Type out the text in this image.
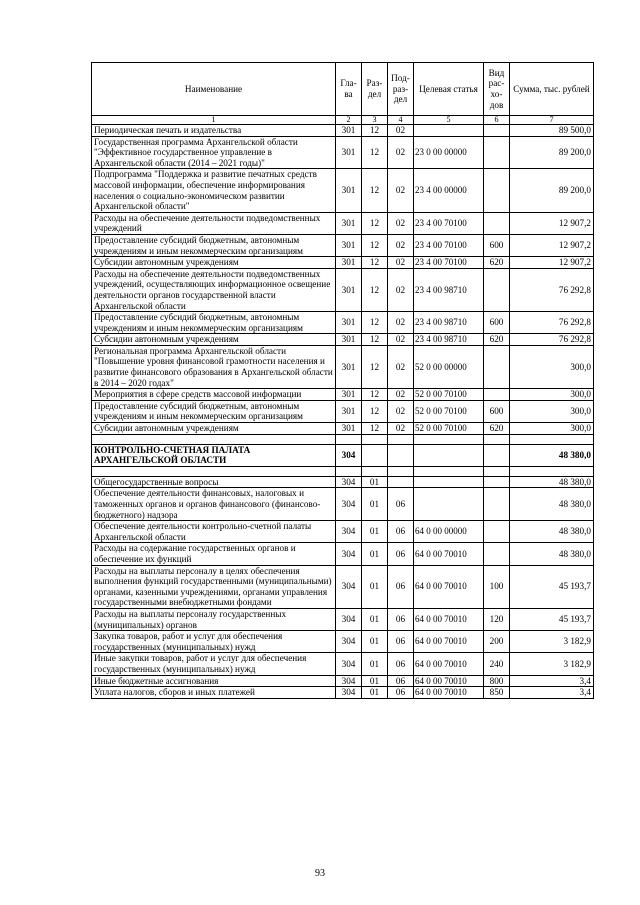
Наименование	Гла-ва	Раз-дел	Под-раз-дел	Целевая статья	Вид рас-хо-дов	Сумма, тыс. рублей
1	2	3	4	5	6	7
Периодическая печать и издательства	301	12	02			89 500,0
Государственная программа Архангельской области "Эффективное государственное управление в Архангельской области (2014 – 2021 годы)"	301	12	02	23 0 00 00000		89 200,0
Подпрограмма "Поддержка и развитие печатных средств массовой информации, обеспечение информирования населения о социально-экономическом развитии Архангельской области"	301	12	02	23 4 00 00000		89 200,0
Расходы на обеспечение деятельности подведомственных учреждений	301	12	02	23 4 00 70100		12 907,2
Предоставление субсидий бюджетным, автономным учреждениям и иным некоммерческим организациям	301	12	02	23 4 00 70100	600	12 907,2
Субсидии автономным учреждениям	301	12	02	23 4 00 70100	620	12 907,2
Расходы на обеспечение деятельности подведомственных учреждений, осуществляющих информационное освещение деятельности органов государственной власти Архангельской области	301	12	02	23 4 00 98710		76 292,8
Предоставление субсидий бюджетным, автономным учреждениям и иным некоммерческим организациям	301	12	02	23 4 00 98710	600	76 292,8
Субсидии автономным учреждениям	301	12	02	23 4 00 98710	620	76 292,8
Региональная программа Архангельской области "Повышение уровня финансовой грамотности населения и развитие финансового образования в Архангельской области в 2014 – 2020 годах"	301	12	02	52 0 00 00000		300,0
Мероприятия в сфере средств массовой информации	301	12	02	52 0 00 70100		300,0
Предоставление субсидий бюджетным, автономным учреждениям и иным некоммерческим организациям	301	12	02	52 0 00 70100	600	300,0
Субсидии автономным учреждениям	301	12	02	52 0 00 70100	620	300,0

КОНТРОЛЬНО-СЧЕТНАЯ ПАЛАТА АРХАНГЕЛЬСКОЙ ОБЛАСТИ	304					48 380,0

Общегосударственные вопросы	304	01				48 380,0
Обеспечение деятельности финансовых, налоговых и таможенных органов и органов финансового (финансово-бюджетного) надзора	304	01	06			48 380,0
Обеспечение деятельности контрольно-счетной палаты Архангельской области	304	01	06	64 0 00 00000		48 380,0
Расходы на содержание государственных органов и обеспечение их функций	304	01	06	64 0 00 70010		48 380,0
Расходы на выплаты персоналу в целях обеспечения выполнения функций государственными (муниципальными) органами, казенными учреждениями, органами управления государственными внебюджетными фондами	304	01	06	64 0 00 70010	100	45 193,7
Расходы на выплаты персоналу государственных (муниципальных) органов	304	01	06	64 0 00 70010	120	45 193,7
Закупка товаров, работ и услуг для обеспечения государственных (муниципальных) нужд	304	01	06	64 0 00 70010	200	3 182,9
Иные закупки товаров, работ и услуг для обеспечения государственных (муниципальных) нужд	304	01	06	64 0 00 70010	240	3 182,9
Иные бюджетные ассигнования	304	01	06	64 0 00 70010	800	3,4
Уплата налогов, сборов и иных платежей	304	01	06	64 0 00 70010	850	3,4
93
